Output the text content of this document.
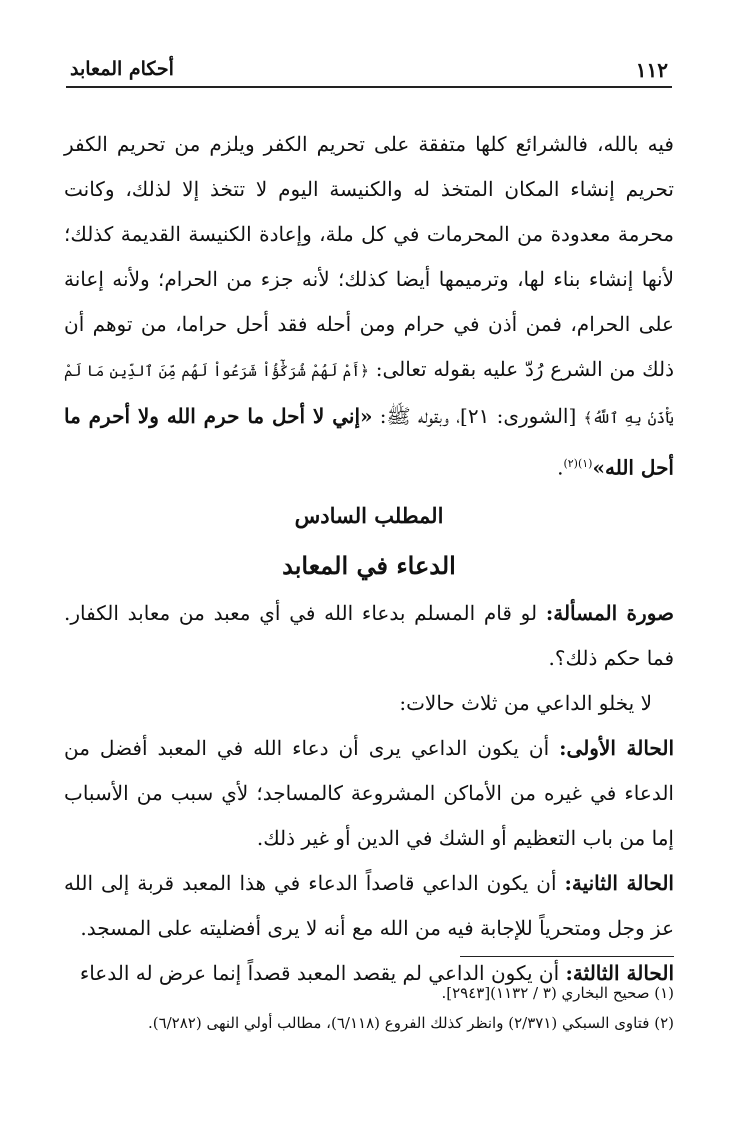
١١٢
أحكام المعابد
فيه بالله، فالشرائع كلها متفقة على تحريم الكفر ويلزم من تحريم الكفر تحريم إنشاء المكان المتخذ له والكنيسة اليوم لا تتخذ إلا لذلك، وكانت محرمة معدودة من المحرمات في كل ملة، وإعادة الكنيسة القديمة كذلك؛ لأنها إنشاء بناء لها، وترميمها أيضا كذلك؛ لأنه جزء من الحرام؛ ولأنه إعانة على الحرام، فمن أذن في حرام ومن أحله فقد أحل حراما، من توهم أن ذلك من الشرع رُدّ عليه بقوله تعالى: ﴿أَمْ لَهُمْ شُرَكَٰٓؤُاْ شَرَعُواْ لَهُم مِّنَ ٱلدِّينِ مَا لَمْ يَأْذَنۢ بِهِ ٱللَّهُ﴾ [الشورى: ٢١]، وبقوله ﷺ: «إني لا أحل ما حرم الله ولا أحرم ما أحل الله»$^{(١)(٢)}$.
المطلب السادس
الدعاء في المعابد
صورة المسألة: لو قام المسلم بدعاء الله في أي معبد من معابد الكفار. فما حكم ذلك؟.
لا يخلو الداعي من ثلاث حالات:
الحالة الأولى: أن يكون الداعي يرى أن دعاء الله في المعبد أفضل من الدعاء في غيره من الأماكن المشروعة كالمساجد؛ لأي سبب من الأسباب إما من باب التعظيم أو الشك في الدين أو غير ذلك.
الحالة الثانية: أن يكون الداعي قاصداً الدعاء في هذا المعبد قربة إلى الله عز وجل ومتحرياً للإجابة فيه من الله مع أنه لا يرى أفضليته على المسجد.
الحالة الثالثة: أن يكون الداعي لم يقصد المعبد قصداً إنما عرض له الدعاء

(١) صحيح البخاري (٣ / ١١٣٢)[٢٩٤٣].

(٢) فتاوى السبكي (٢/٣٧١) وانظر كذلك الفروع (٦/١١٨)، مطالب أولي النهى (٦/٢٨٢).
